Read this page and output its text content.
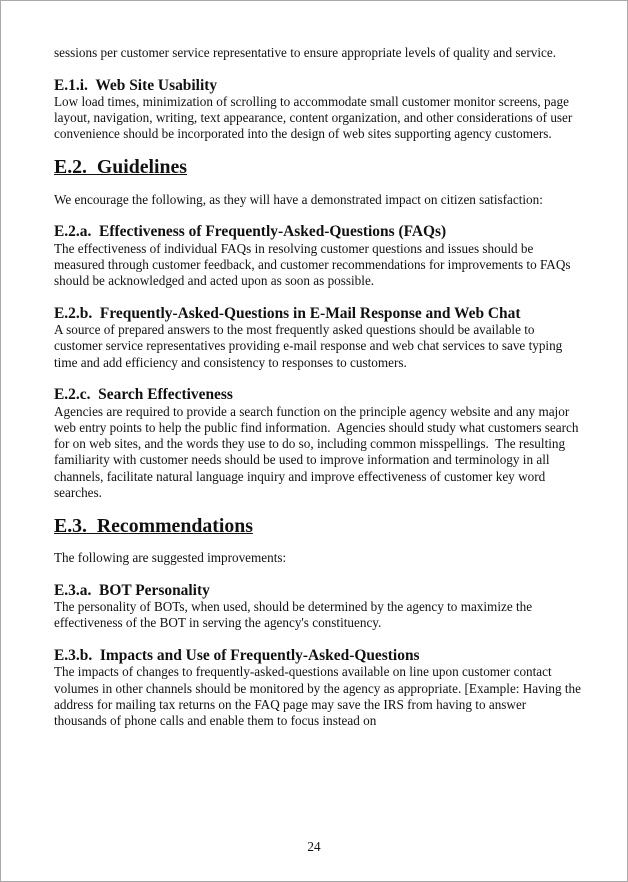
sessions per customer service representative to ensure appropriate levels of quality and service.

E.1.i.  Web Site Usability

Low load times, minimization of scrolling to accommodate small customer monitor screens, page layout, navigation, writing, text appearance, content organization, and other considerations of user convenience should be incorporated into the design of web sites supporting agency customers.

E.2.  Guidelines

We encourage the following, as they will have a demonstrated impact on citizen satisfaction:

E.2.a.  Effectiveness of Frequently-Asked-Questions (FAQs)

The effectiveness of individual FAQs in resolving customer questions and issues should be measured through customer feedback, and customer recommendations for improvements to FAQs should be acknowledged and acted upon as soon as possible.

E.2.b.  Frequently-Asked-Questions in E-Mail Response and Web Chat

A source of prepared answers to the most frequently asked questions should be available to customer service representatives providing e-mail response and web chat services to save typing time and add efficiency and consistency to responses to customers.

E.2.c.  Search Effectiveness

Agencies are required to provide a search function on the principle agency website and any major web entry points to help the public find information.  Agencies should study what customers search for on web sites, and the words they use to do so, including common misspellings.  The resulting familiarity with customer needs should be used to improve information and terminology in all channels, facilitate natural language inquiry and improve effectiveness of customer key word searches.

E.3.  Recommendations

The following are suggested improvements:

E.3.a.  BOT Personality

The personality of BOTs, when used, should be determined by the agency to maximize the effectiveness of the BOT in serving the agency's constituency.

E.3.b.  Impacts and Use of Frequently-Asked-Questions

The impacts of changes to frequently-asked-questions available on line upon customer contact volumes in other channels should be monitored by the agency as appropriate. [Example: Having the address for mailing tax returns on the FAQ page may save the IRS from having to answer thousands of phone calls and enable them to focus instead on

24
